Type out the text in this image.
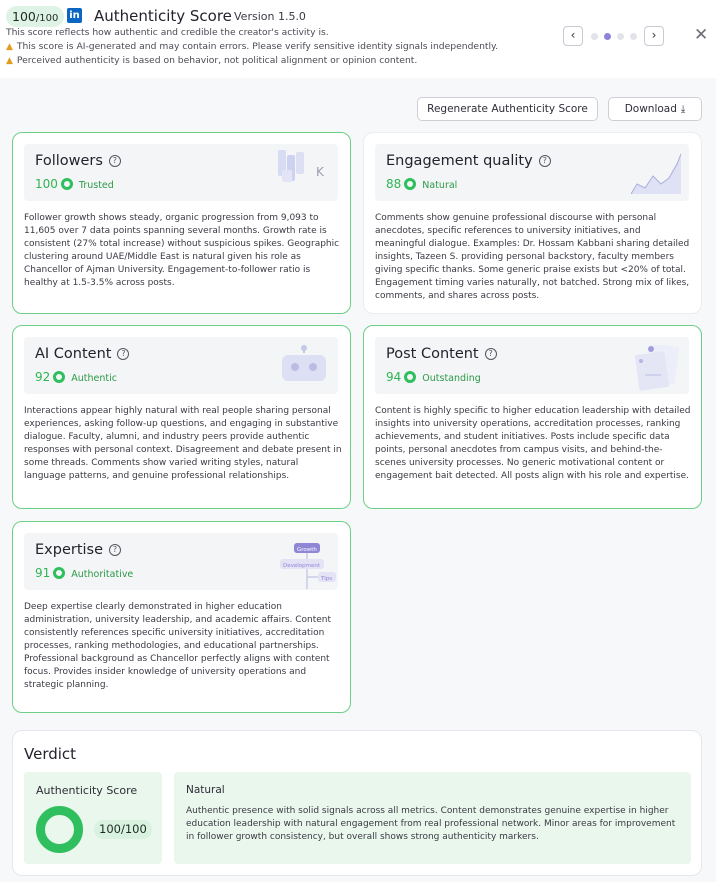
100/100	in Authenticity Score Version 1.5.0
This score reflects how authentic and credible the creator's activity is.
▲ This score is AI-generated and may contain errors. Please verify sensitive identity signals independently.
▲ Perceived authenticity is based on behavior, not political alignment or opinion content.
‹	›	✕
Regenerate Authenticity Score	Download ⤓
Followers ?
100 Trusted
K
Follower growth shows steady, organic progression from 9,093 to 11,605 over 7 data points spanning several months. Growth rate is consistent (27% total increase) without suspicious spikes. Geographic clustering around UAE/Middle East is natural given his role as Chancellor of Ajman University. Engagement-to-follower ratio is healthy at 1.5-3.5% across posts.
Engagement quality ?
88 Natural
Comments show genuine professional discourse with personal anecdotes, specific references to university initiatives, and meaningful dialogue. Examples: Dr. Hossam Kabbani sharing detailed insights, Tazeen S. providing personal backstory, faculty members giving specific thanks. Some generic praise exists but <20% of total. Engagement timing varies naturally, not batched. Strong mix of likes, comments, and shares across posts.
AI Content ?
92 Authentic
Interactions appear highly natural with real people sharing personal experiences, asking follow-up questions, and engaging in substantive dialogue. Faculty, alumni, and industry peers provide authentic responses with personal context. Disagreement and debate present in some threads. Comments show varied writing styles, natural language patterns, and genuine professional relationships.
Post Content ?
94 Outstanding
Content is highly specific to higher education leadership with detailed insights into university operations, accreditation processes, ranking achievements, and student initiatives. Posts include specific data points, personal anecdotes from campus visits, and behind-the-scenes university processes. No generic motivational content or engagement bait detected. All posts align with his role and expertise.
Expertise ?
91 Authoritative
Growth
Development
Tips
Deep expertise clearly demonstrated in higher education administration, university leadership, and academic affairs. Content consistently references specific university initiatives, accreditation processes, ranking methodologies, and educational partnerships. Professional background as Chancellor perfectly aligns with content focus. Provides insider knowledge of university operations and strategic planning.
Verdict
Authenticity Score
100/100
Natural
Authentic presence with solid signals across all metrics. Content demonstrates genuine expertise in higher education leadership with natural engagement from real professional network. Minor areas for improvement in follower growth consistency, but overall shows strong authenticity markers.
